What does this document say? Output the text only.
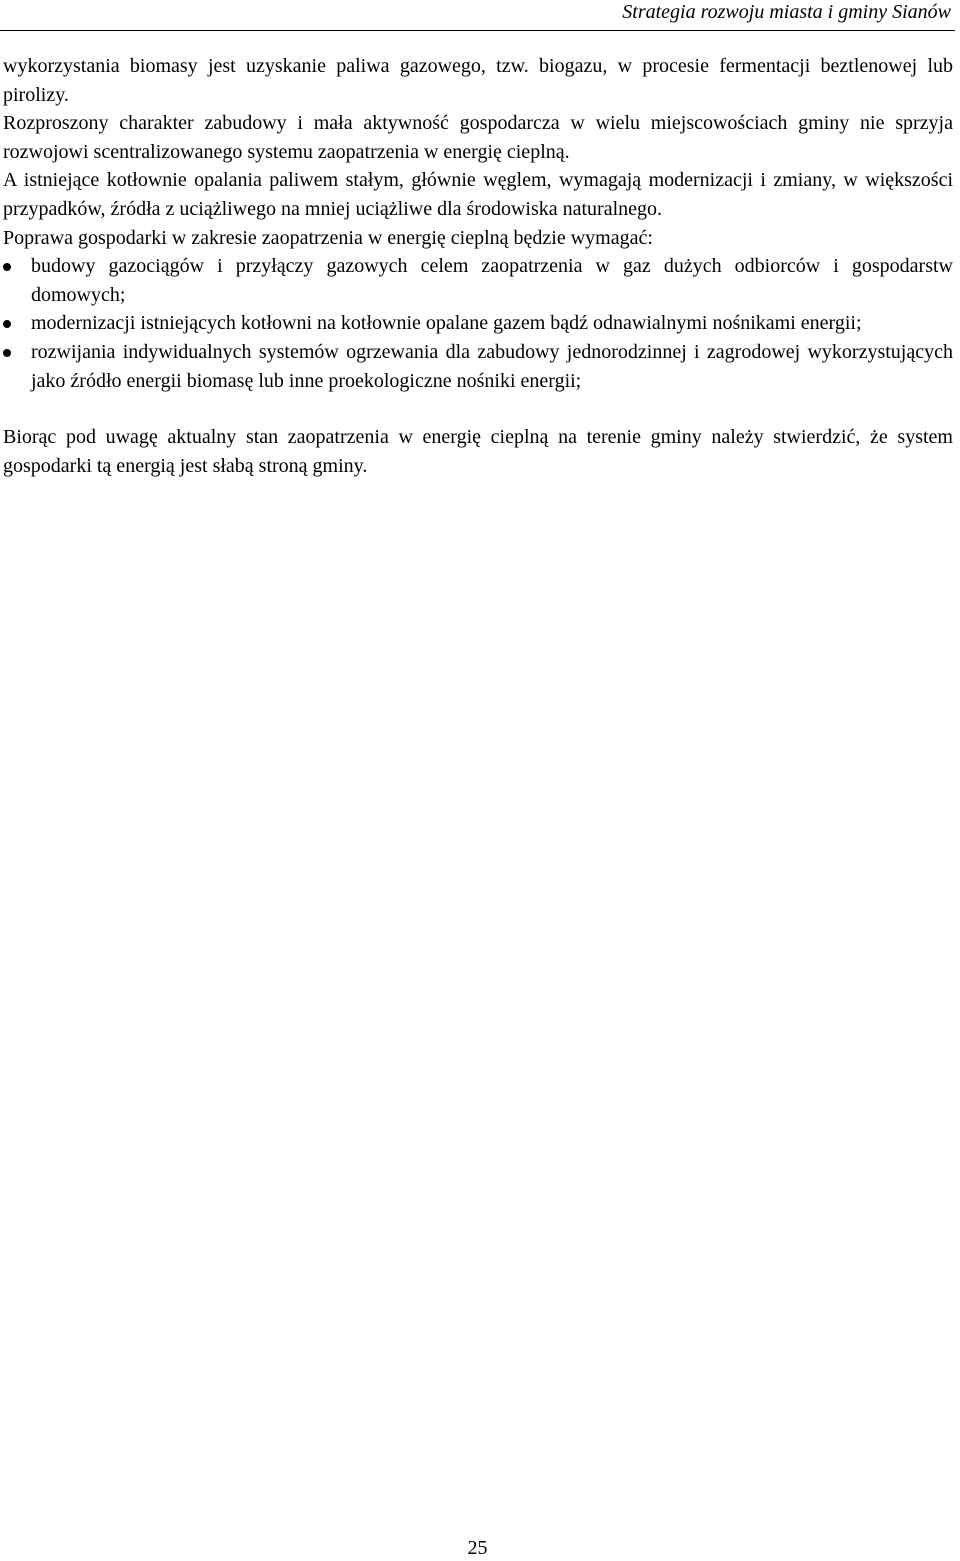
Strategia rozwoju miasta i gminy Sianów

wykorzystania biomasy jest uzyskanie paliwa gazowego, tzw. biogazu, w procesie fermentacji beztlenowej lub pirolizy.

Rozproszony charakter zabudowy i mała aktywność gospodarcza w wielu miejscowościach gminy nie sprzyja rozwojowi scentralizowanego systemu zaopatrzenia w energię cieplną.

A istniejące kotłownie opalania paliwem stałym, głównie węglem, wymagają modernizacji i zmiany, w większości przypadków, źródła z uciążliwego na mniej uciążliwe dla środowiska naturalnego.

Poprawa gospodarki w zakresie zaopatrzenia w energię cieplną będzie wymagać:

budowy gazociągów i przyłączy gazowych celem zaopatrzenia w gaz dużych odbiorców i gospodarstw domowych;
modernizacji istniejących kotłowni na kotłownie opalane gazem bądź odnawialnymi nośnikami energii;
rozwijania indywidualnych systemów ogrzewania dla zabudowy jednorodzinnej i zagrodowej wykorzystujących jako źródło energii biomasę lub inne proekologiczne nośniki energii;

Biorąc pod uwagę aktualny stan zaopatrzenia w energię cieplną na terenie gminy należy stwierdzić, że system gospodarki tą energią jest słabą stroną gminy.

25
